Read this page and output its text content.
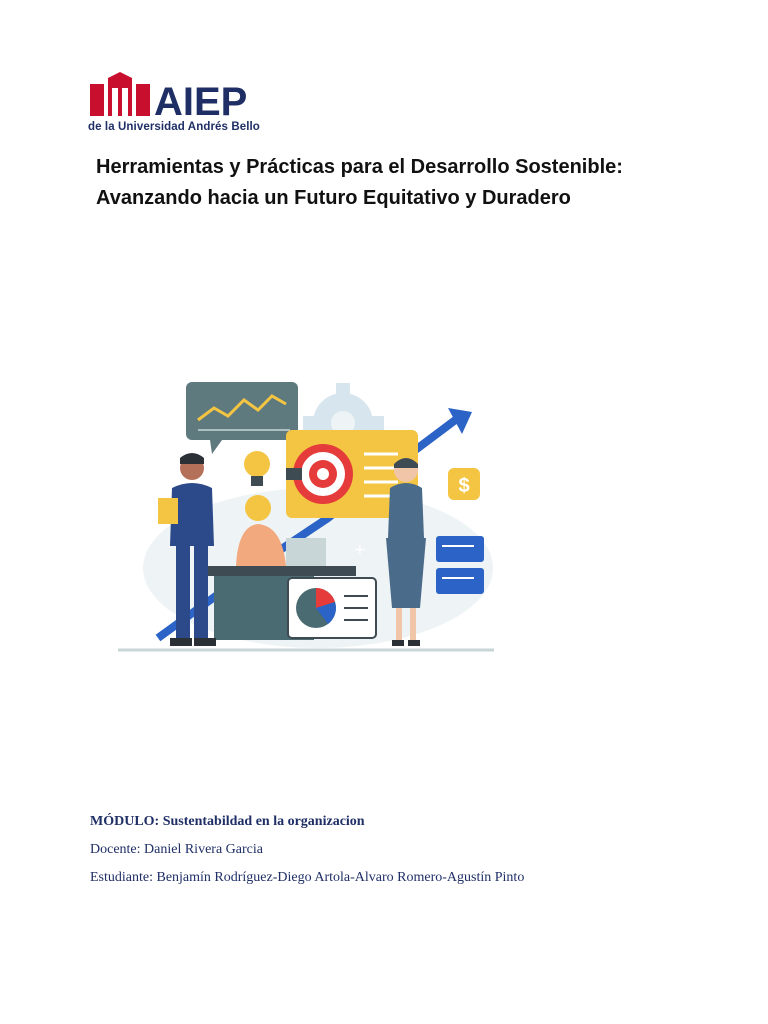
AIEP
de la Universidad Andrés Bello
Herramientas y Prácticas para el Desarrollo Sostenible:
Avanzando hacia un Futuro Equitativo y Duradero
$
+
+
MÓDULO: Sustentabildad en la organizacion
Docente: Daniel Rivera Garcia
Estudiante: Benjamín Rodríguez-Diego Artola-Alvaro Romero-Agustín Pinto
